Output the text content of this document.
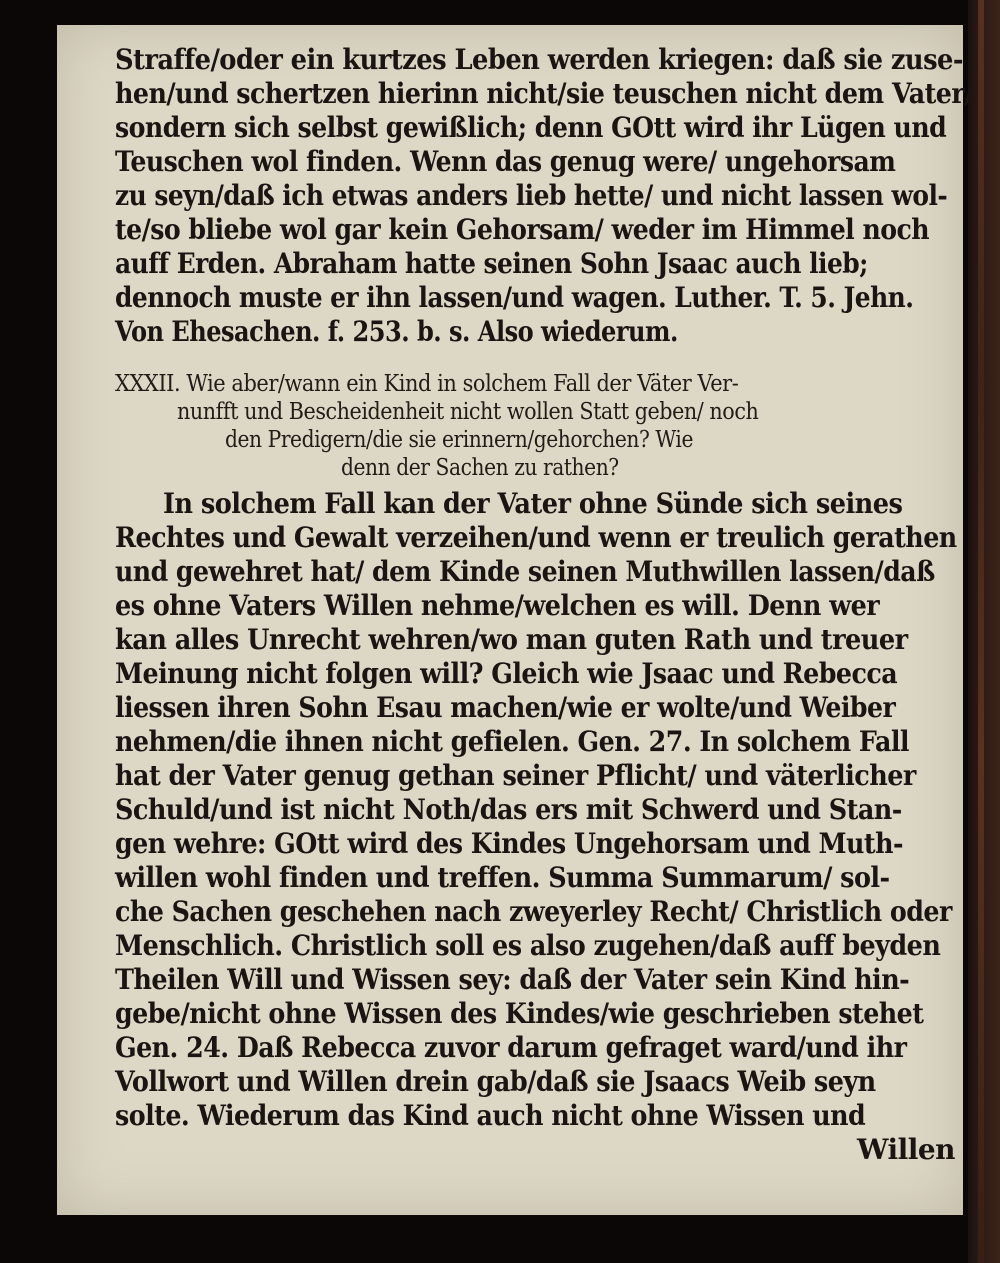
Straffe/oder ein kurtzes Leben werden kriegen: daß sie zuse-
hen/und schertzen hierinn nicht/sie teuschen nicht dem Vater/
sondern sich selbst gewißlich; denn GOtt wird ihr Lügen und
Teuschen wol finden. Wenn das genug were/ ungehorsam
zu seyn/daß ich etwas anders lieb hette/ und nicht lassen wol-
te/so bliebe wol gar kein Gehorsam/ weder im Himmel noch
auff Erden. Abraham hatte seinen Sohn Jsaac auch lieb;
dennoch muste er ihn lassen/und wagen. Luther. T. 5. Jehn.
Von Ehesachen. f. 253. b. s. Also wiederum.
XXXII. Wie aber/wann ein Kind in solchem Fall der Väter Ver-
nunfft und Bescheidenheit nicht wollen Statt geben/ noch
den Predigern/die sie erinnern/gehorchen? Wie
denn der Sachen zu rathen?
In solchem Fall kan der Vater ohne Sünde sich seines
Rechtes und Gewalt verzeihen/und wenn er treulich gerathen
und gewehret hat/ dem Kinde seinen Muthwillen lassen/daß
es ohne Vaters Willen nehme/welchen es will. Denn wer
kan alles Unrecht wehren/wo man guten Rath und treuer
Meinung nicht folgen will? Gleich wie Jsaac und Rebecca
liessen ihren Sohn Esau machen/wie er wolte/und Weiber
nehmen/die ihnen nicht gefielen. Gen. 27. In solchem Fall
hat der Vater genug gethan seiner Pflicht/ und väterlicher
Schuld/und ist nicht Noth/das ers mit Schwerd und Stan-
gen wehre: GOtt wird des Kindes Ungehorsam und Muth-
willen wohl finden und treffen. Summa Summarum/ sol-
che Sachen geschehen nach zweyerley Recht/ Christlich oder
Menschlich. Christlich soll es also zugehen/daß auff beyden
Theilen Will und Wissen sey: daß der Vater sein Kind hin-
gebe/nicht ohne Wissen des Kindes/wie geschrieben stehet
Gen. 24. Daß Rebecca zuvor darum gefraget ward/und ihr
Vollwort und Willen drein gab/daß sie Jsaacs Weib seyn
solte. Wiederum das Kind auch nicht ohne Wissen und
Willen
